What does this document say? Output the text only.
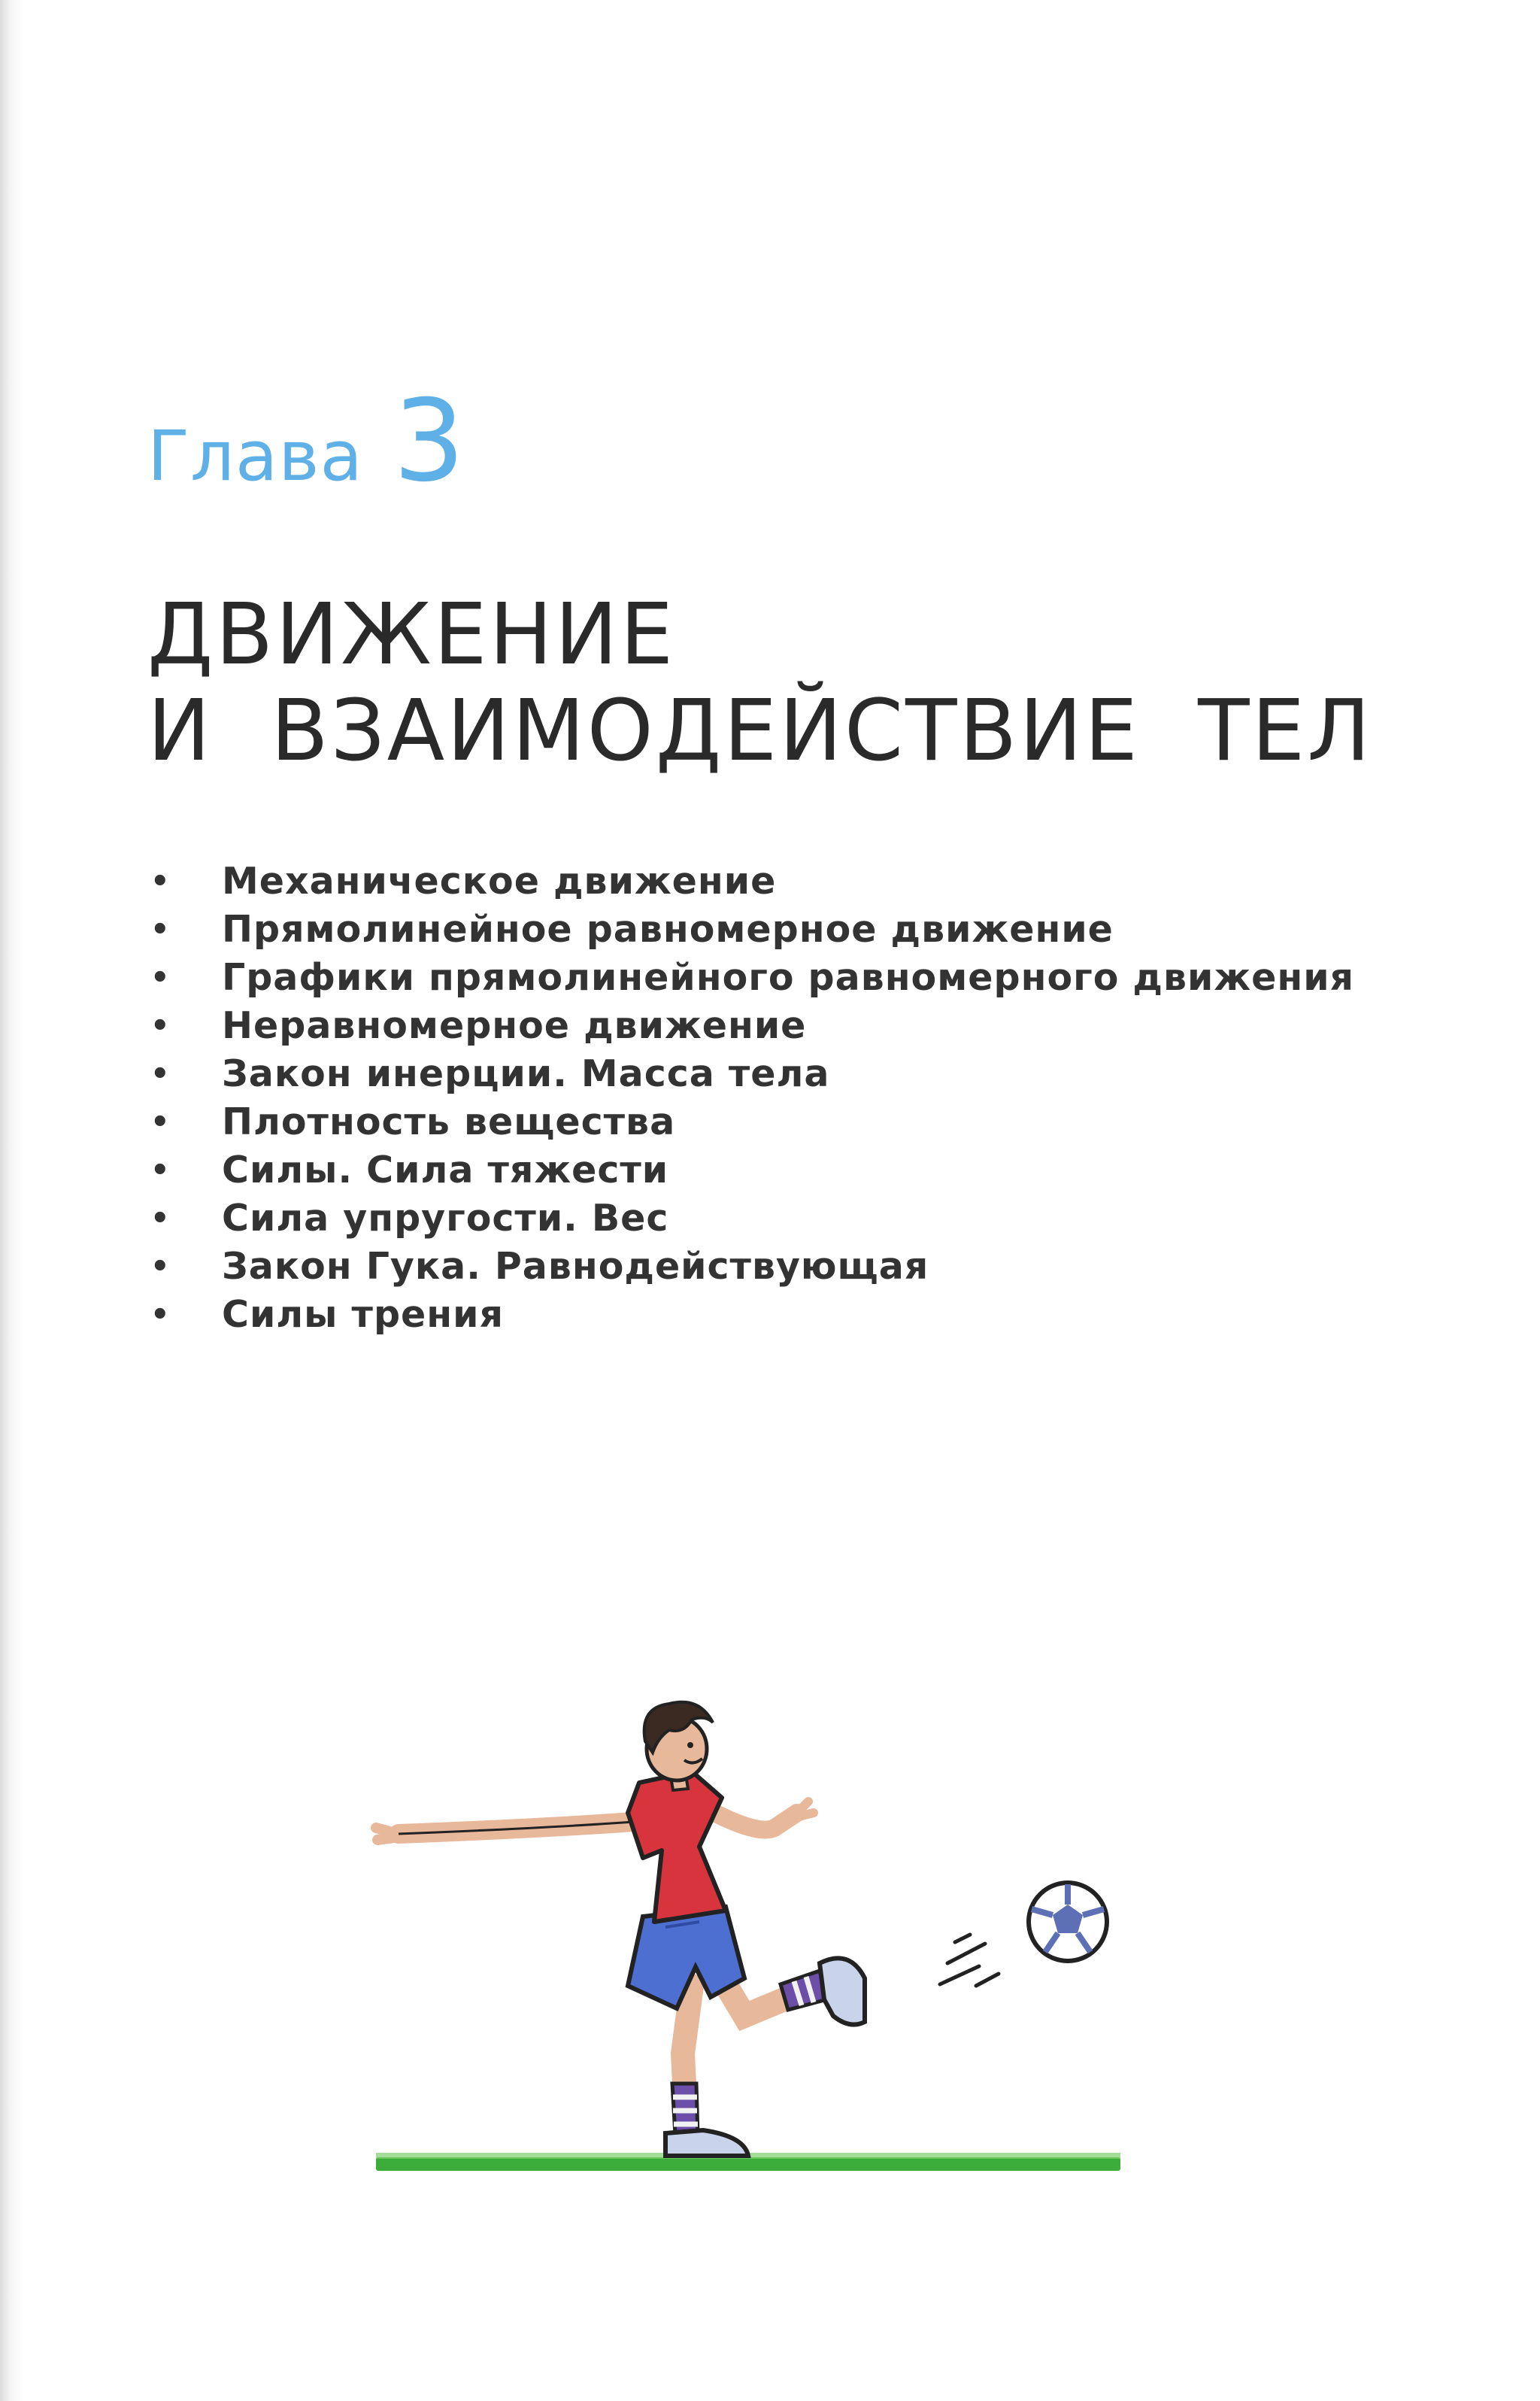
Глава 3
ДВИЖЕНИЕ
И  ВЗАИМОДЕЙСТВИЕ  ТЕЛ
• Механическое движение
• Прямолинейное равномерное движение
• Графики прямолинейного равномерного движения
• Неравномерное движение
• Закон инерции. Масса тела
• Плотность вещества
• Силы. Сила тяжести
• Сила упругости. Вес
• Закон Гука. Равнодействующая
• Силы трения
